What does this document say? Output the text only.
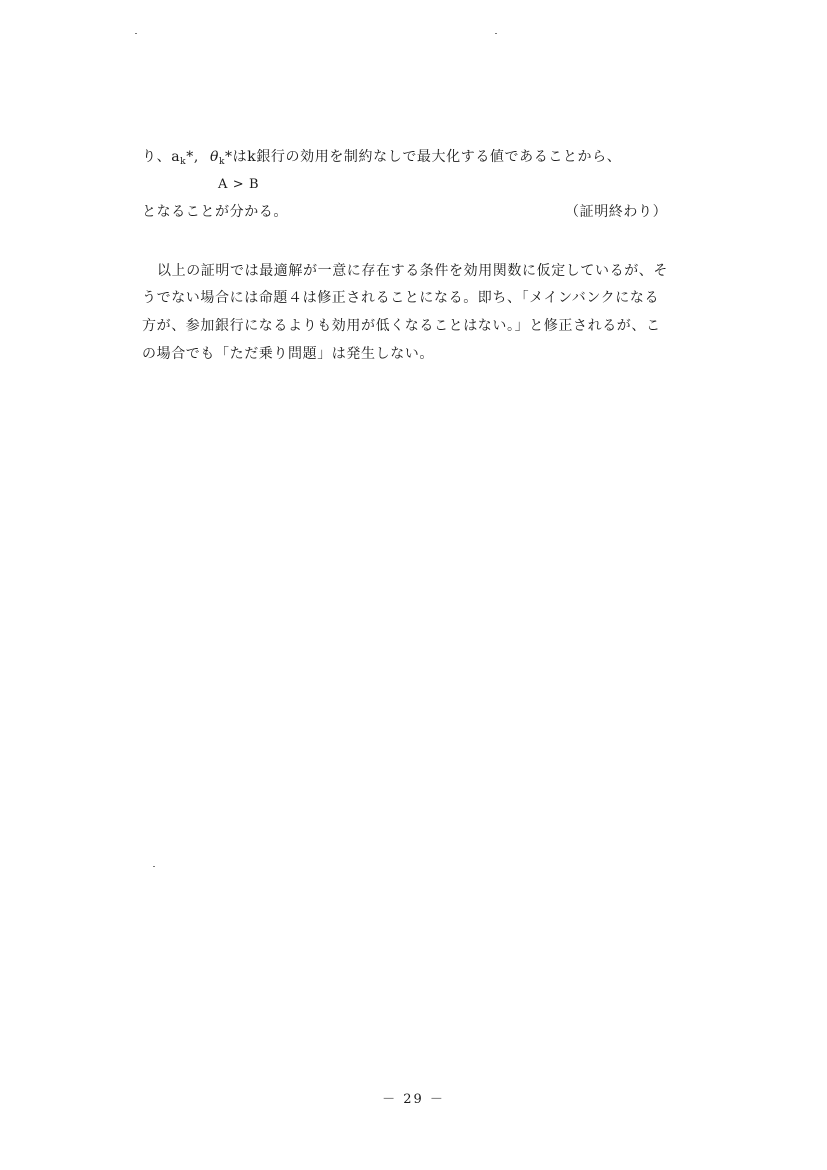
り、$a_k*$, $\theta_k*$はk銀行の効用を制約なしで最大化する値であることから、
A > B
となることが分かる。	（証明終わり）
以上の証明では最適解が一意に存在する条件を効用関数に仮定しているが、そ
うでない場合には命題４は修正されることになる。即ち、「メインバンクになる
方が、参加銀行になるよりも効用が低くなることはない。」と修正されるが、こ
の場合でも「ただ乗り問題」は発生しない。
－ 29 －
